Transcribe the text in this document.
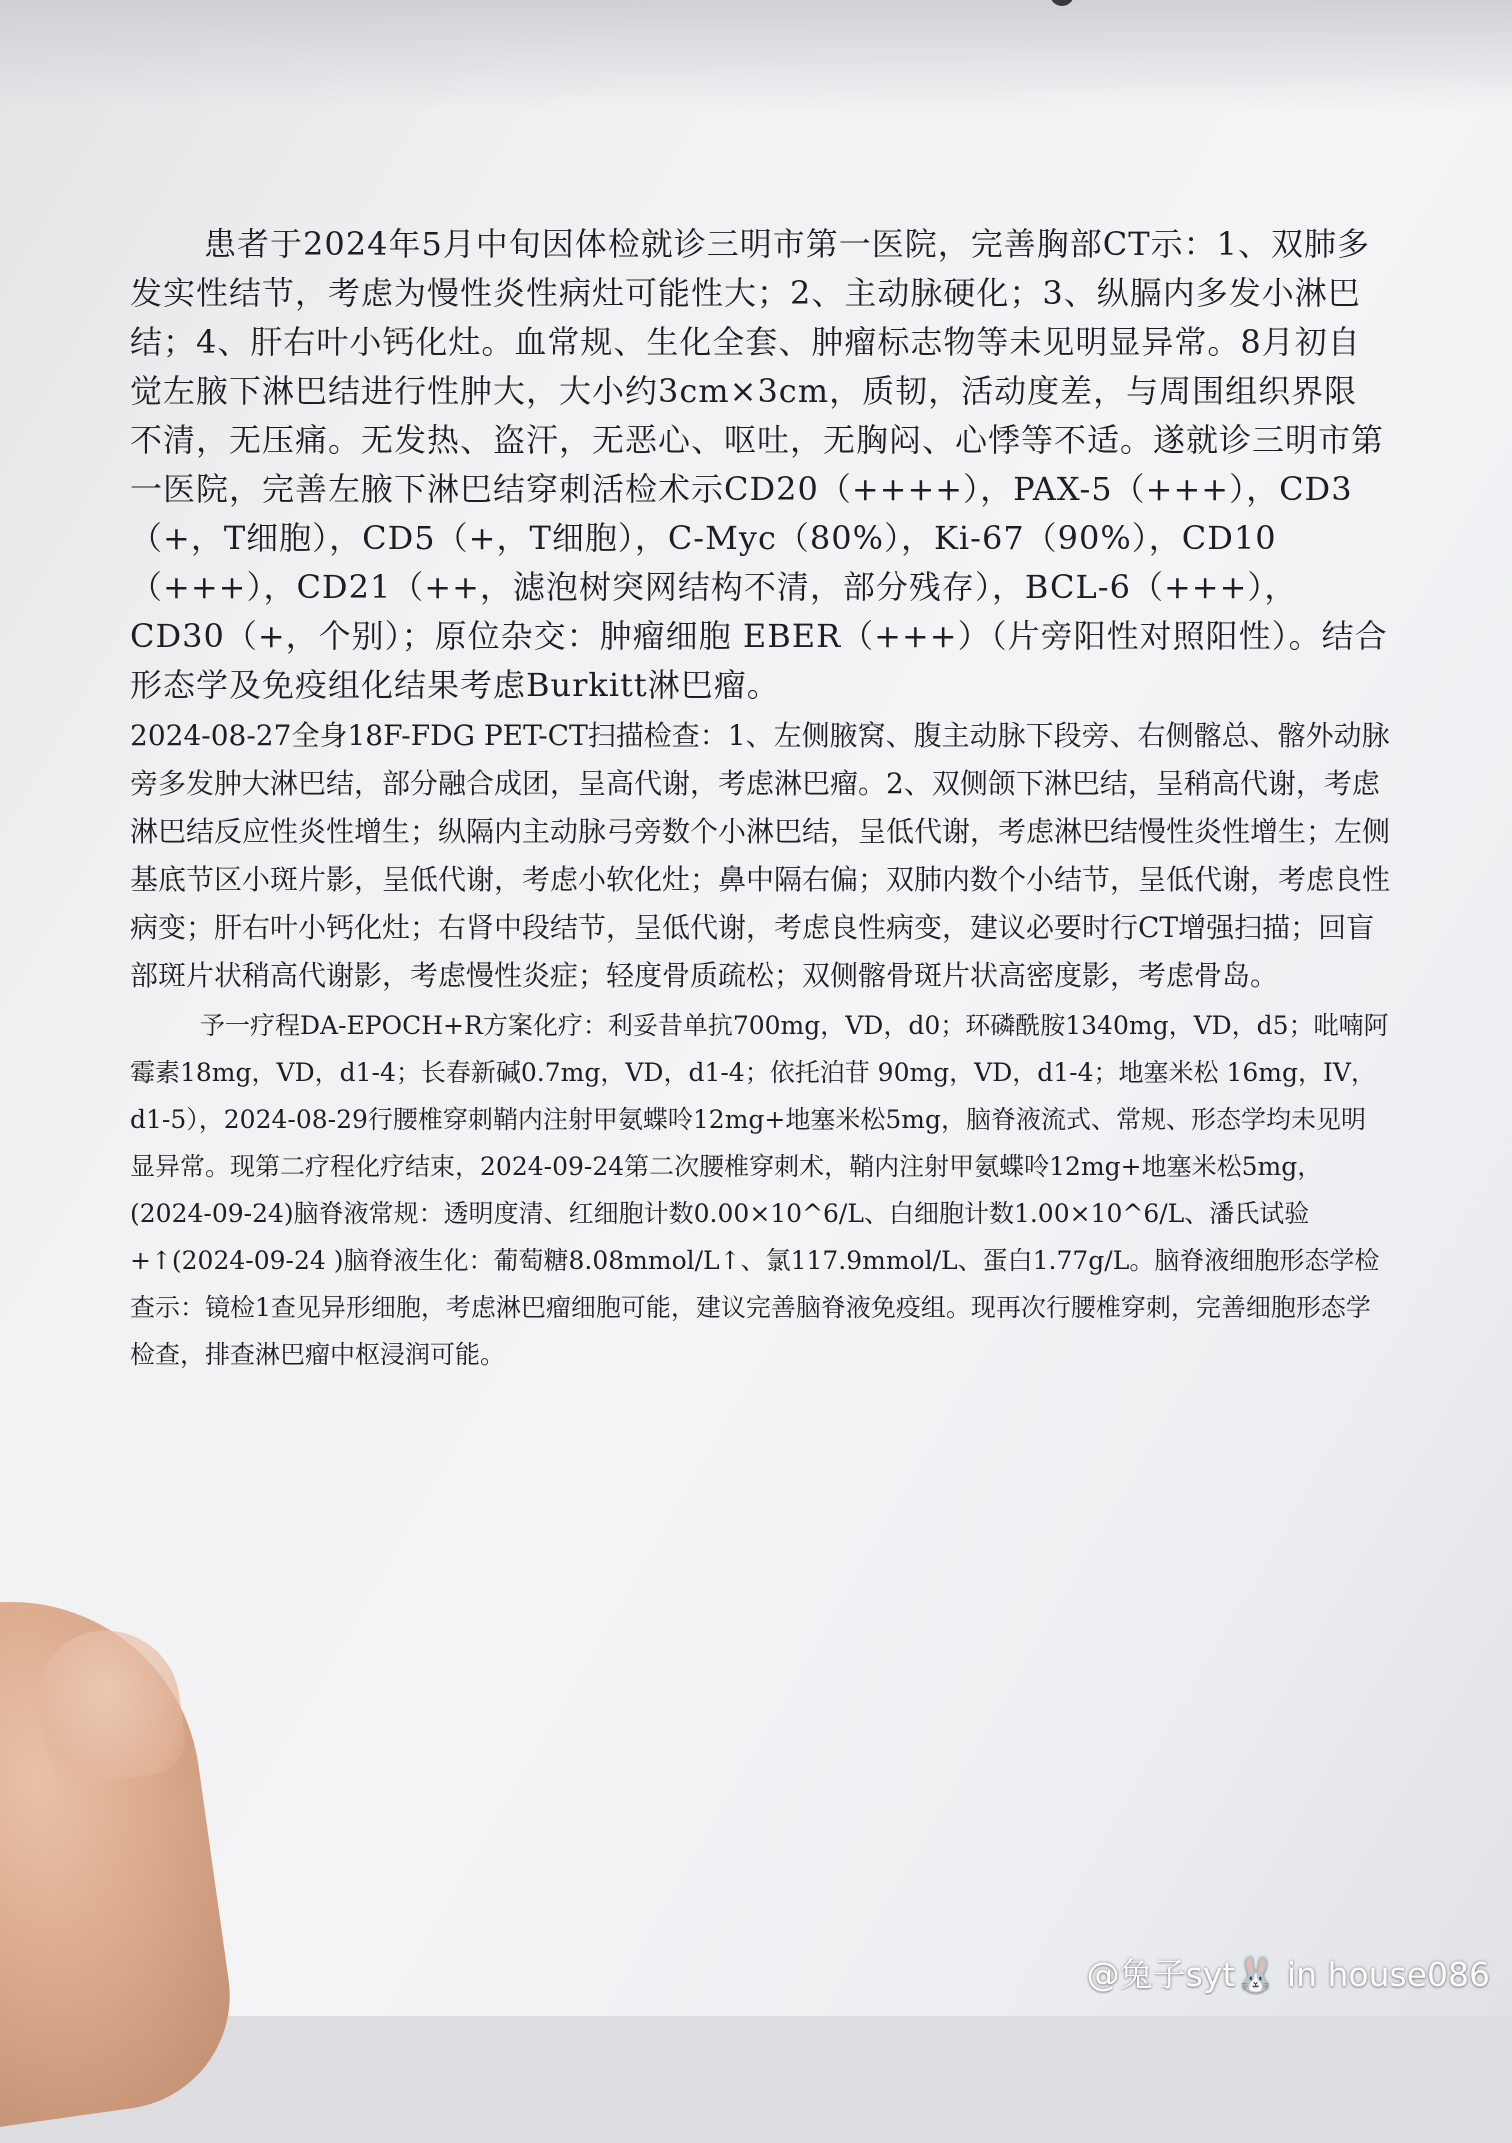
患者于2024年5月中旬因体检就诊三明市第一医院，完善胸部CT示：1、双肺多发实性结节，考虑为慢性炎性病灶可能性大；2、主动脉硬化；3、纵膈内多发小淋巴结；4、肝右叶小钙化灶。血常规、生化全套、肿瘤标志物等未见明显异常。8月初自觉左腋下淋巴结进行性肿大，大小约3cm×3cm，质韧，活动度差，与周围组织界限不清，无压痛。无发热、盗汗，无恶心、呕吐，无胸闷、心悸等不适。遂就诊三明市第一医院，完善左腋下淋巴结穿刺活检术示CD20（++++），PAX-5（+++），CD3（+，T细胞），CD5（+，T细胞），C-Myc（80%），Ki-67（90%），CD10（+++），CD21（++，滤泡树突网结构不清，部分残存），BCL-6（+++），CD30（+，个别）；原位杂交：肿瘤细胞 EBER（+++）（片旁阳性对照阳性）。结合形态学及免疫组化结果考虑Burkitt淋巴瘤。

2024-08-27全身18F-FDG PET-CT扫描检查：1、左侧腋窝、腹主动脉下段旁、右侧髂总、髂外动脉旁多发肿大淋巴结，部分融合成团，呈高代谢，考虑淋巴瘤。2、双侧颌下淋巴结，呈稍高代谢，考虑淋巴结反应性炎性增生；纵隔内主动脉弓旁数个小淋巴结，呈低代谢，考虑淋巴结慢性炎性增生；左侧基底节区小斑片影，呈低代谢，考虑小软化灶；鼻中隔右偏；双肺内数个小结节，呈低代谢，考虑良性病变；肝右叶小钙化灶；右肾中段结节，呈低代谢，考虑良性病变，建议必要时行CT增强扫描；回盲部斑片状稍高代谢影，考虑慢性炎症；轻度骨质疏松；双侧髂骨斑片状高密度影，考虑骨岛。

予一疗程DA-EPOCH+R方案化疗：利妥昔单抗700mg，VD，d0；环磷酰胺1340mg，VD，d5；吡喃阿霉素18mg，VD，d1-4；长春新碱0.7mg，VD，d1-4；依托泊苷 90mg，VD，d1-4；地塞米松 16mg，IV，d1-5），2024-08-29行腰椎穿刺鞘内注射甲氨蝶呤12mg+地塞米松5mg，脑脊液流式、常规、形态学均未见明显异常。现第二疗程化疗结束，2024-09-24第二次腰椎穿刺术，鞘内注射甲氨蝶呤12mg+地塞米松5mg，(2024-09-24)脑脊液常规：透明度清、红细胞计数0.00×10^6/L、白细胞计数1.00×10^6/L、潘氏试验+↑(2024-09-24 )脑脊液生化：葡萄糖8.08mmol/L↑、氯117.9mmol/L、蛋白1.77g/L。脑脊液细胞形态学检查示：镜检1查见异形细胞，考虑淋巴瘤细胞可能，建议完善脑脊液免疫组。现再次行腰椎穿刺，完善细胞形态学检查，排查淋巴瘤中枢浸润可能。

@兔子syt🐰 in house086
